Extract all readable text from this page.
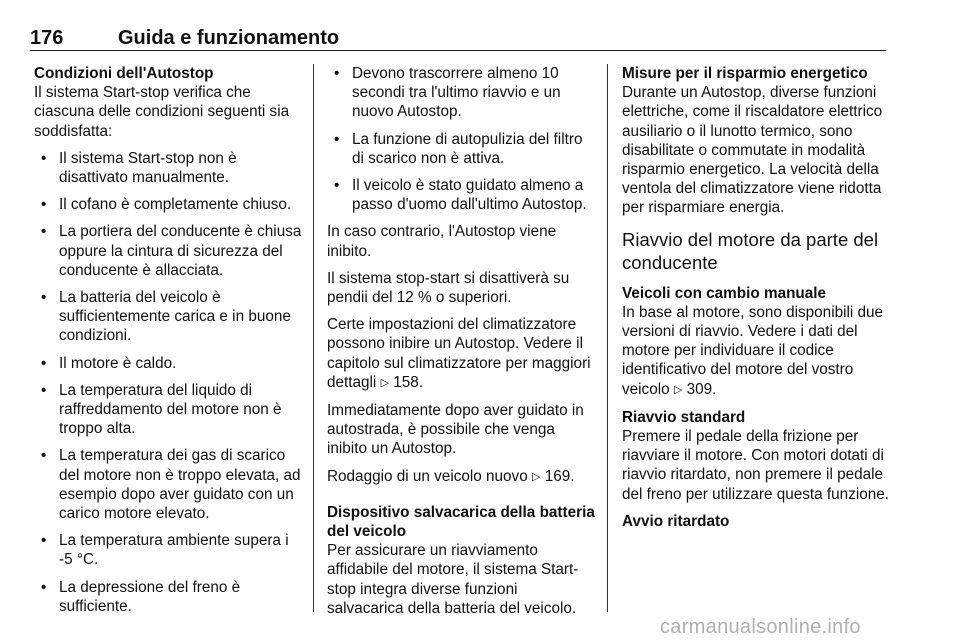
176	Guida e funzionamento

Condizioni dell'Autostop

Il sistema Start-stop verifica che ciascuna delle condizioni seguenti sia soddisfatta:

• Il sistema Start-stop non è disattivato manualmente.
• Il cofano è completamente chiuso.
• La portiera del conducente è chiusa oppure la cintura di sicurezza del conducente è allacciata.
• La batteria del veicolo è sufficientemente carica e in buone condizioni.
• Il motore è caldo.
• La temperatura del liquido di raffreddamento del motore non è troppo alta.
• La temperatura dei gas di scarico del motore non è troppo elevata, ad esempio dopo aver guidato con un carico motore elevato.
• La temperatura ambiente supera i -5 °C.
• La depressione del freno è sufficiente.
• Devono trascorrere almeno 10 secondi tra l'ultimo riavvio e un nuovo Autostop.
• La funzione di autopulizia del filtro di scarico non è attiva.
• Il veicolo è stato guidato almeno a passo d'uomo dall'ultimo Autostop.

In caso contrario, l'Autostop viene inibito.

Il sistema stop-start si disattiverà su pendii del 12 % o superiori.

Certe impostazioni del climatizzatore possono inibire un Autostop. Vedere il capitolo sul climatizzatore per maggiori dettagli ▷ 158.

Immediatamente dopo aver guidato in autostrada, è possibile che venga inibito un Autostop.

Rodaggio di un veicolo nuovo ▷ 169.

Dispositivo salvacarica della batteria del veicolo

Per assicurare un riavviamento affidabile del motore, il sistema Start-stop integra diverse funzioni salvacarica della batteria del veicolo.

Misure per il risparmio energetico

Durante un Autostop, diverse funzioni elettriche, come il riscaldatore elettrico ausiliario o il lunotto termico, sono disabilitate o commutate in modalità risparmio energetico. La velocità della ventola del climatizzatore viene ridotta per risparmiare energia.

Riavvio del motore da parte del conducente

Veicoli con cambio manuale

In base al motore, sono disponibili due versioni di riavvio. Vedere i dati del motore per individuare il codice identificativo del motore del vostro veicolo ▷ 309.

Riavvio standard

Premere il pedale della frizione per riavviare il motore. Con motori dotati di riavvio ritardato, non premere il pedale del freno per utilizzare questa funzione.

Avvio ritardato

carmanualsonline.info
